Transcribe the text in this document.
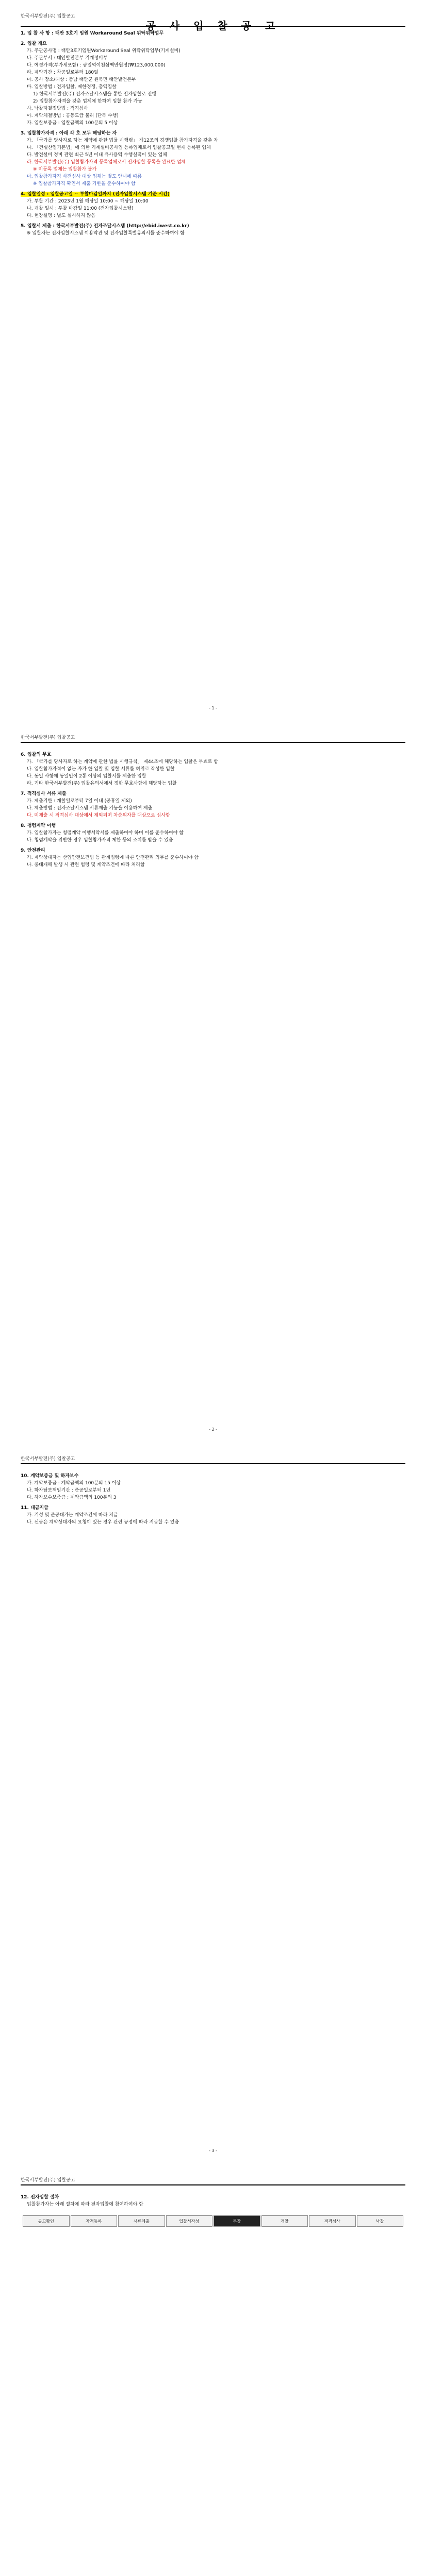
한국서부발전(주) 입찰공고
공 사 입 찰 공 고
1. 입 찰 사 항 : 태안 3호기 임원 Workaround Seal 위탁위탁업무
2. 입찰 개요
가. 주관공사명 : 태안3호기임원Workaround Seal 위탁위탁업무(기계설비)
나. 주관부서 : 태안발전본부 기계정비부
다. 예정가격(부가세포함) : 금일억이천삼백만원정(₩123,000,000)
라. 계약기간 : 착공일로부터 180일
마. 공사 장소/대상 : 충남 태안군 원북면 태안발전본부
바. 입찰방법 : 전자입찰, 제한경쟁, 총액입찰
1) 한국서부발전(주) 전자조달시스템을 통한 전자입찰로 진행
2) 입찰참가자격을 갖춘 업체에 한하여 입찰 참가 가능
사. 낙찰자결정방법 : 적격심사
아. 계약체결방법 : 공동도급 불허 (단독 수행)
자. 입찰보증금 : 입찰금액의 100분의 5 이상
3. 입찰참가자격 : 아래 각 호 모두 해당하는 자
가. 「국가를 당사자로 하는 계약에 관한 법률 시행령」 제12조의 경쟁입찰 참가자격을 갖춘 자
나. 「건설산업기본법」에 의한 기계설비공사업 등록업체로서 입찰공고일 현재 등록된 업체
다. 발전설비 정비 관련 최근 5년 이내 유사용역 수행실적이 있는 업체
라. 한국서부발전(주) 입찰참가자격 등록업체로서 전자입찰 등록을 완료한 업체
※ 미등록 업체는 입찰참가 불가
마. 입찰참가자격 사전심사 대상 업체는 별도 안내에 따름
※ 입찰참가자격 확인서 제출 기한을 준수하여야 함
4. 입찰일정 : 입찰공고일 ~ 투찰마감일까지 (전자입찰시스템 기준 시간)
가. 투찰 기간 : 2023년 1월 해당일 10:00 ~ 해당일 10:00
나. 개찰 일시 : 투찰 마감일 11:00 (전자입찰시스템)
다. 현장설명 : 별도 실시하지 않음
5. 입찰서 제출 : 한국서부발전(주) 전자조달시스템 (http://ebid.iwest.co.kr)
※ 입찰자는 전자입찰시스템 이용약관 및 전자입찰특별유의서를 준수하여야 함
- 1 -
한국서부발전(주) 입찰공고
6. 입찰의 무효
가. 「국가를 당사자로 하는 계약에 관한 법률 시행규칙」 제44조에 해당하는 입찰은 무효로 함
나. 입찰참가자격이 없는 자가 한 입찰 및 입찰 서류를 허위로 작성한 입찰
다. 동일 사항에 동일인이 2통 이상의 입찰서를 제출한 입찰
라. 기타 한국서부발전(주) 입찰유의서에서 정한 무효사항에 해당하는 입찰
7. 적격심사 서류 제출
가. 제출기한 : 개찰일로부터 7일 이내 (공휴일 제외)
나. 제출방법 : 전자조달시스템 서류제출 기능을 이용하여 제출
다. 미제출 시 적격심사 대상에서 제외되며 차순위자를 대상으로 심사함
8. 청렴계약 이행
가. 입찰참가자는 청렴계약 이행서약서를 제출하여야 하며 이를 준수하여야 함
나. 청렴계약을 위반한 경우 입찰참가자격 제한 등의 조치를 받을 수 있음
9. 안전관리
가. 계약상대자는 산업안전보건법 등 관계법령에 따른 안전관리 의무를 준수하여야 함
나. 중대재해 발생 시 관련 법령 및 계약조건에 따라 처리함
- 2 -
한국서부발전(주) 입찰공고
10. 계약보증금 및 하자보수
가. 계약보증금 : 계약금액의 100분의 15 이상
나. 하자담보책임기간 : 준공일로부터 1년
다. 하자보수보증금 : 계약금액의 100분의 3
11. 대금지급
가. 기성 및 준공대가는 계약조건에 따라 지급
나. 선금은 계약상대자의 요청이 있는 경우 관련 규정에 따라 지급할 수 있음
- 3 -
한국서부발전(주) 입찰공고
12. 전자입찰 절차
입찰참가자는 아래 절차에 따라 전자입찰에 참여하여야 함
공고확인	자격등록	서류제출	입찰서작성	투찰	개찰	적격심사	낙찰
